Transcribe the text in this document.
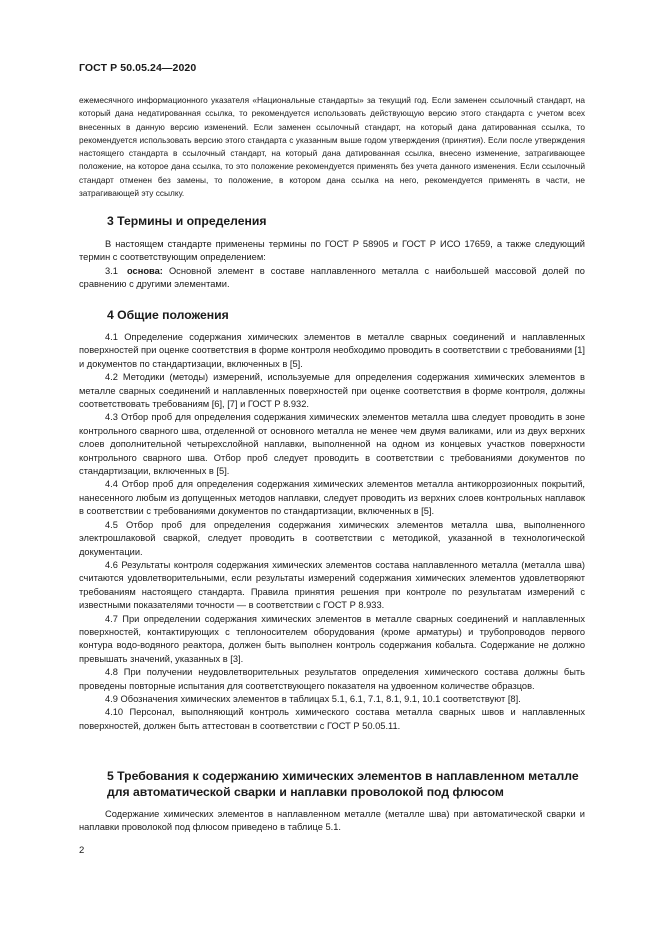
ГОСТ Р 50.05.24—2020

ежемесячного информационного указателя «Национальные стандарты» за текущий год. Если заменен ссылочный стандарт, на который дана недатированная ссылка, то рекомендуется использовать действующую версию этого стандарта с учетом всех внесенных в данную версию изменений. Если заменен ссылочный стандарт, на который дана датированная ссылка, то рекомендуется использовать версию этого стандарта с указанным выше годом утверждения (принятия). Если после утверждения настоящего стандарта в ссылочный стандарт, на который дана датированная ссылка, внесено изменение, затрагивающее положение, на которое дана ссылка, то это положение рекомендуется применять без учета данного изменения. Если ссылочный стандарт отменен без замены, то положение, в котором дана ссылка на него, рекомендуется применять в части, не затрагивающей эту ссылку.

3 Термины и определения

В настоящем стандарте применены термины по ГОСТ Р 58905 и ГОСТ Р ИСО 17659, а также следующий термин с соответствующим определением:

3.1 основа: Основной элемент в составе наплавленного металла с наибольшей массовой долей по сравнению с другими элементами.

4 Общие положения

4.1 Определение содержания химических элементов в металле сварных соединений и наплавленных поверхностей при оценке соответствия в форме контроля необходимо проводить в соответствии с требованиями [1] и документов по стандартизации, включенных в [5].

4.2 Методики (методы) измерений, используемые для определения содержания химических элементов в металле сварных соединений и наплавленных поверхностей при оценке соответствия в форме контроля, должны соответствовать требованиям [6], [7] и ГОСТ Р 8.932.

4.3 Отбор проб для определения содержания химических элементов металла шва следует проводить в зоне контрольного сварного шва, отделенной от основного металла не менее чем двумя валиками, или из двух верхних слоев дополнительной четырехслойной наплавки, выполненной на одном из концевых участков поверхности контрольного сварного шва. Отбор проб следует проводить в соответствии с требованиями документов по стандартизации, включенных в [5].

4.4 Отбор проб для определения содержания химических элементов металла антикоррозионных покрытий, нанесенного любым из допущенных методов наплавки, следует проводить из верхних слоев контрольных наплавок в соответствии с требованиями документов по стандартизации, включенных в [5].

4.5 Отбор проб для определения содержания химических элементов металла шва, выполненного электрошлаковой сваркой, следует проводить в соответствии с методикой, указанной в технологической документации.

4.6 Результаты контроля содержания химических элементов состава наплавленного металла (металла шва) считаются удовлетворительными, если результаты измерений содержания химических элементов удовлетворяют требованиям настоящего стандарта. Правила принятия решения при контроле по результатам измерений с известными показателями точности — в соответствии с ГОСТ Р 8.933.

4.7 При определении содержания химических элементов в металле сварных соединений и наплавленных поверхностей, контактирующих с теплоносителем оборудования (кроме арматуры) и трубопроводов первого контура водо-водяного реактора, должен быть выполнен контроль содержания кобальта. Содержание не должно превышать значений, указанных в [3].

4.8 При получении неудовлетворительных результатов определения химического состава должны быть проведены повторные испытания для соответствующего показателя на удвоенном количестве образцов.

4.9 Обозначения химических элементов в таблицах 5.1, 6.1, 7.1, 8.1, 9.1, 10.1 соответствуют [8].

4.10 Персонал, выполняющий контроль химического состава металла сварных швов и наплавленных поверхностей, должен быть аттестован в соответствии с ГОСТ Р 50.05.11.

5 Требования к содержанию химических элементов в наплавленном металле для автоматической сварки и наплавки проволокой под флюсом

Содержание химических элементов в наплавленном металле (металле шва) при автоматической сварки и наплавки проволокой под флюсом приведено в таблице 5.1.

2
